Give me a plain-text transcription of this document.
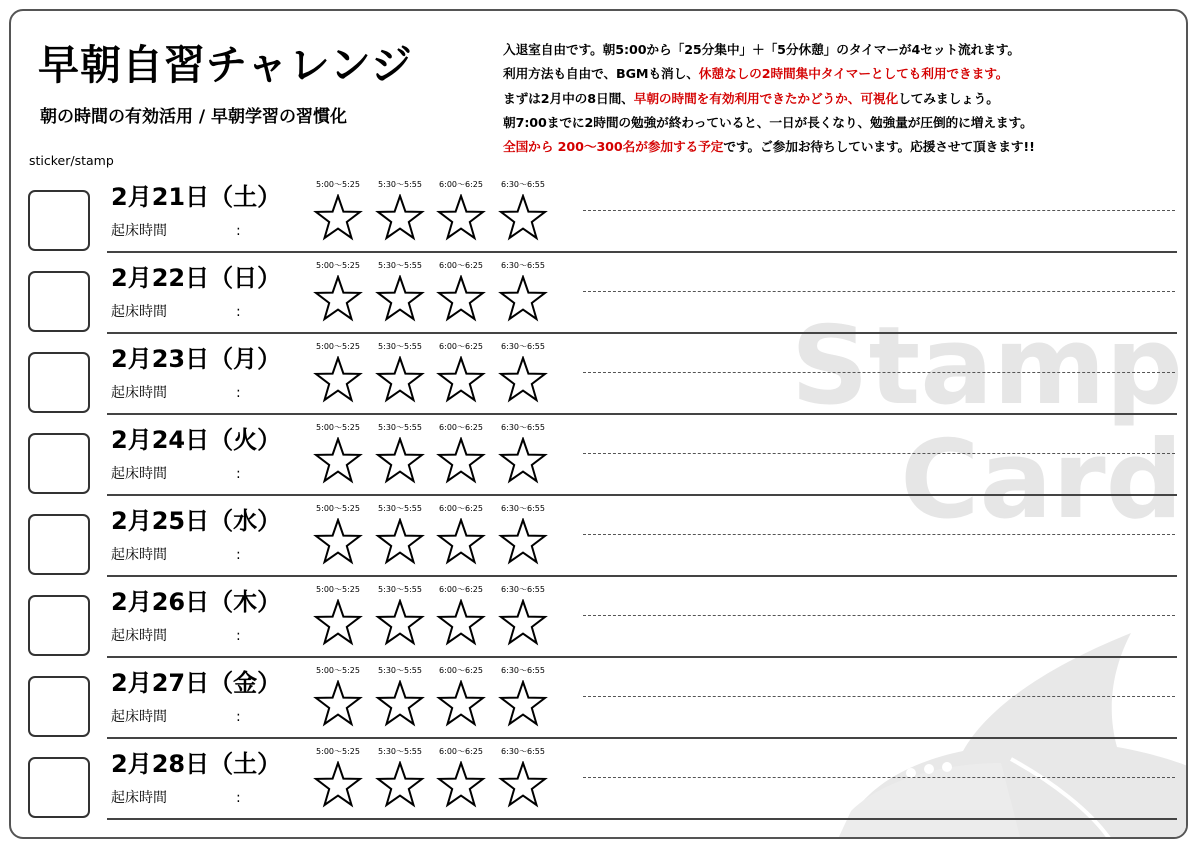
Stamp
Card
早朝自習チャレンジ
朝の時間の有効活用 / 早朝学習の習慣化
入退室自由です。朝5:00から「25分集中」＋「5分休憩」のタイマーが4セット流れます。
利用方法も自由で、BGMも消し、休憩なしの2時間集中タイマーとしても利用できます。
まずは2月中の8日間、早朝の時間を有効利用できたかどうか、可視化してみましょう。
朝7:00までに2時間の勉強が終わっていると、一日が長くなり、勉強量が圧倒的に増えます。
全国から 200～300名が参加する予定です。ご参加お待ちしています。応援させて頂きます!!
sticker/stamp
2月21日（土）
起床時間	:
5:00～5:25	5:30～5:55	6:00～6:25	6:30～6:55
2月22日（日）
起床時間	:
5:00～5:25	5:30～5:55	6:00～6:25	6:30～6:55
2月23日（月）
起床時間	:
5:00～5:25	5:30～5:55	6:00～6:25	6:30～6:55
2月24日（火）
起床時間	:
5:00～5:25	5:30～5:55	6:00～6:25	6:30～6:55
2月25日（水）
起床時間	:
5:00～5:25	5:30～5:55	6:00～6:25	6:30～6:55
2月26日（木）
起床時間	:
5:00～5:25	5:30～5:55	6:00～6:25	6:30～6:55
2月27日（金）
起床時間	:
5:00～5:25	5:30～5:55	6:00～6:25	6:30～6:55
2月28日（土）
起床時間	:
5:00～5:25	5:30～5:55	6:00～6:25	6:30～6:55
